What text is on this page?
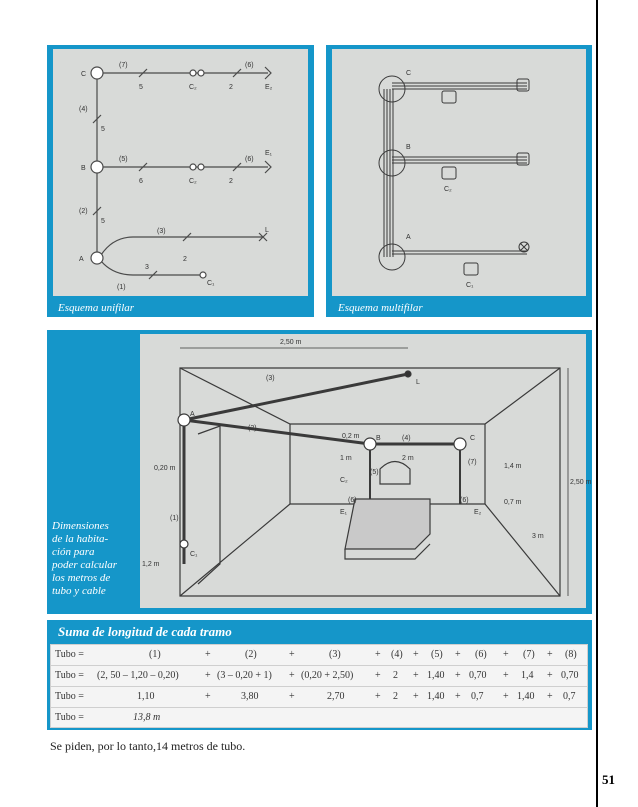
C
B
A
L
(7)	(6)
(4)
(5)	(6)
(2)
(3)
(1)
5	2
5
6	2
5
2
3
C₂	E₂
C₂
E₁
C₁
Esquema unifilar
C
B
A
C₂
C₁
Esquema multifilar
2,50 m
(3)
L
A
(2)
0,2 m B	(4)	C
1 m	2 m
(7)
1,4 m
C₂
(5)
0,7 m
(6)	(6)
E₁	E₂
0,20 m
(1)
C₁
1,2 m
3 m
2,50 m
Dimensiones
de la habita-
ción para
poder calcular
los metros de
tubo y cable
Suma de longitud de cada tramo
Tubo =	(1)	+	(2)	+	(3)	+ (4) + (5) + (6) + (7) + (8)
Tubo = (2, 50 – 1,20 – 0,20)	+ (3 – 0,20 + 1) + (0,20 + 2,50) + 2 + 1,40 + 0,70 + 1,4 + 0,70
Tubo =	1,10	+	3,80	+	2,70	+ 2 + 1,40 + 0,7 + 1,40 + 0,7
Tubo =	13,8 m
Se piden, por lo tanto,14 metros de tubo.
51
